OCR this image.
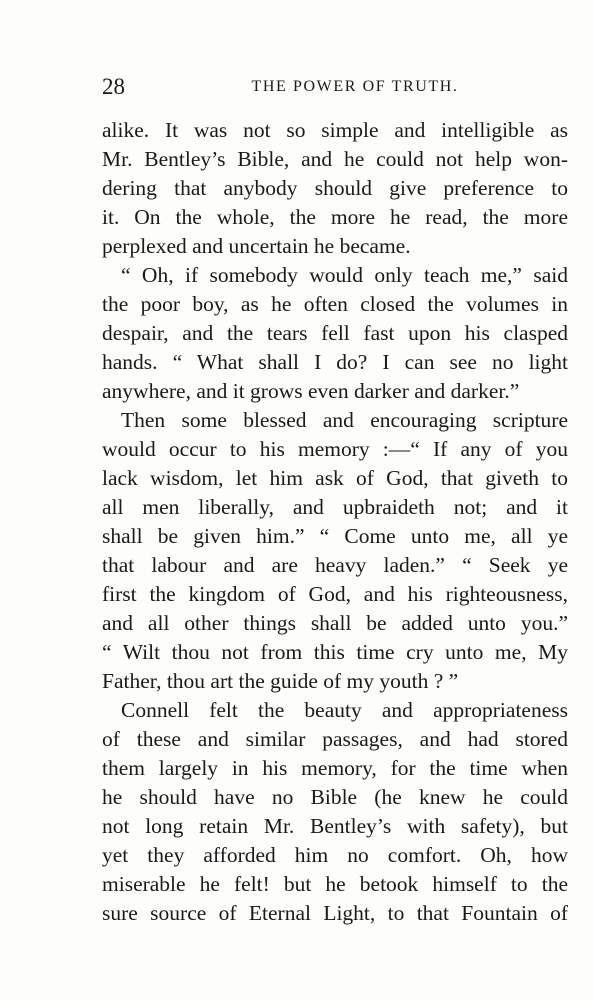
28	THE POWER OF TRUTH.
alike. It was not so simple and intelligible as
Mr. Bentley’s Bible, and he could not help won-
dering that anybody should give preference to
it. On the whole, the more he read, the more
perplexed and uncertain he became.
“ Oh, if somebody would only teach me,” said
the poor boy, as he often closed the volumes in
despair, and the tears fell fast upon his clasped
hands. “ What shall I do? I can see no light
anywhere, and it grows even darker and darker.”
Then some blessed and encouraging scripture
would occur to his memory :—“ If any of you
lack wisdom, let him ask of God, that giveth to
all men liberally, and upbraideth not; and it
shall be given him.” “ Come unto me, all ye
that labour and are heavy laden.” “ Seek ye
first the kingdom of God, and his righteousness,
and all other things shall be added unto you.”
“ Wilt thou not from this time cry unto me, My
Father, thou art the guide of my youth ? ”
Connell felt the beauty and appropriateness
of these and similar passages, and had stored
them largely in his memory, for the time when
he should have no Bible (he knew he could
not long retain Mr. Bentley’s with safety), but
yet they afforded him no comfort. Oh, how
miserable he felt! but he betook himself to the
sure source of Eternal Light, to that Fountain of
